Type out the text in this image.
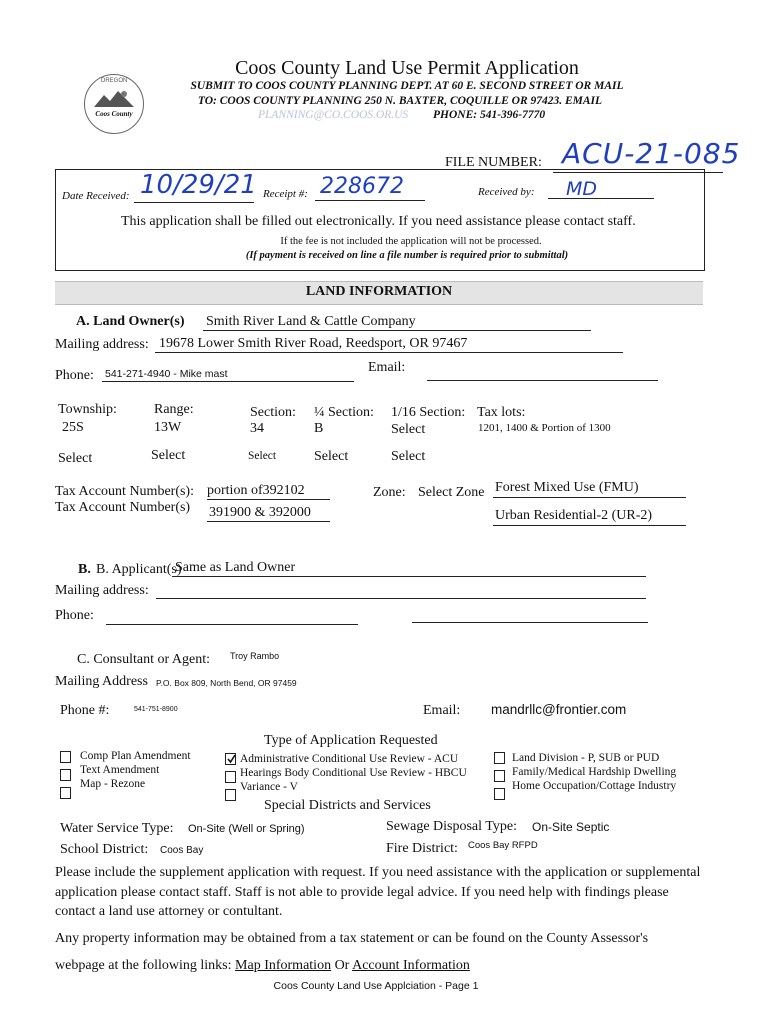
OREGON
Coos County
Coos County Land Use Permit Application
SUBMIT TO COOS COUNTY PLANNING DEPT. AT 60 E. SECOND STREET OR MAIL
TO: COOS COUNTY PLANNING 250 N. BAXTER, COQUILLE OR 97423. EMAIL
PLANNING@CO.COOS.OR.US PHONE: 541-396-7770
FILE NUMBER: ACU-21-085
Date Received: 10/29/21 Receipt #: 228672	Received by: MD
This application shall be filled out electronically. If you need assistance please contact staff.
If the fee is not included the application will not be processed.
(If payment is received on line a file number is required prior to submittal)
LAND INFORMATION
A. Land Owner(s) Smith River Land & Cattle Company
Mailing address: 19678 Lower Smith River Road, Reedsport, OR 97467
Phone: 541-271-4940 - Mike mast	Email:
Township:
25S
Range:
13W
Section:
34
¼ Section:
B
1/16 Section:
Select
Tax lots:
1201, 1400 & Portion of 1300
Select	Select	Select	Select	Select
Tax Account Number(s): portion of392102
Tax Account Number(s) 391900 & 392000
Zone: Select Zone Forest Mixed Use (FMU)
Urban Residential-2 (UR-2)
B. B. Applicant(s)
Same as Land Owner
Mailing address:
Phone:
C. Consultant or Agent: Troy Rambo
Mailing Address P.O. Box 809, North Bend, OR 97459
Phone #:	541-751-8900	Email: mandrllc@frontier.com
Type of Application Requested

Comp Plan Amendment
Text Amendment
Map - Rezone

Administrative Conditional Use Review - ACU
Hearings Body Conditional Use Review - HBCU
Variance - V

Land Division - P, SUB or PUD
Family/Medical Hardship Dwelling
Home Occupation/Cottage Industry
Special Districts and Services
Water Service Type: On-Site (Well or Spring)	Sewage Disposal Type: On-Site Septic
School District: Coos Bay	Fire District: Coos Bay RFPD
Please include the supplement application with request. If you need assistance with the application or supplemental application please contact staff. Staff is not able to provide legal advice. If you need help with findings please contact a land use attorney or contultant.
Any property information may be obtained from a tax statement or can be found on the County Assessor's
webpage at the following links: Map Information Or Account Information
Coos County Land Use Applciation - Page 1
